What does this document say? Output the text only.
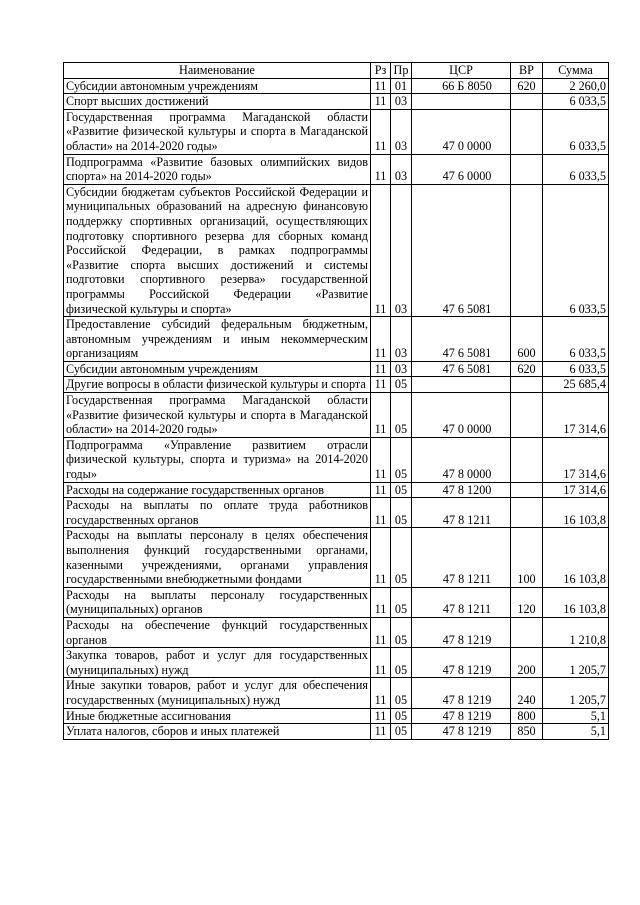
Наименование	Рз	Пр	ЦСР	ВР	Сумма
Субсидии автономным учреждениям	11	01	66 Б 8050	620	2 260,0
Спорт высших достижений	11	03			6 033,5
Государственная программа Магаданской области «Развитие физической культуры и спорта в Магаданской области» на 2014-2020 годы»	11	03	47 0 0000		6 033,5
Подпрограмма «Развитие базовых олимпийских видов спорта» на 2014-2020 годы»	11	03	47 6 0000		6 033,5
Субсидии бюджетам субъектов Российской Федерации и муниципальных образований на адресную финансовую поддержку спортивных организаций, осуществляющих подготовку спортивного резерва для сборных команд Российской Федерации, в рамках подпрограммы «Развитие спорта высших достижений и системы подготовки спортивного резерва» государственной программы Российской Федерации «Развитие физической культуры и спорта»	11	03	47 6 5081		6 033,5
Предоставление субсидий федеральным бюджетным, автономным учреждениям и иным некоммерческим организациям	11	03	47 6 5081	600	6 033,5
Субсидии автономным учреждениям	11	03	47 6 5081	620	6 033,5
Другие вопросы в области физической культуры и спорта	11	05			25 685,4
Государственная программа Магаданской области «Развитие физической культуры и спорта в Магаданской области» на 2014-2020 годы»	11	05	47 0 0000		17 314,6
Подпрограмма «Управление развитием отрасли физической культуры, спорта и туризма» на 2014-2020 годы»	11	05	47 8 0000		17 314,6
Расходы на содержание государственных органов	11	05	47 8 1200		17 314,6
Расходы на выплаты по оплате труда работников государственных органов	11	05	47 8 1211		16 103,8
Расходы на выплаты персоналу в целях обеспечения выполнения функций государственными органами, казенными учреждениями, органами управления государственными внебюджетными фондами	11	05	47 8 1211	100	16 103,8
Расходы на выплаты персоналу государственных (муниципальных) органов	11	05	47 8 1211	120	16 103,8
Расходы на обеспечение функций государственных органов	11	05	47 8 1219		1 210,8
Закупка товаров, работ и услуг для государственных (муниципальных) нужд	11	05	47 8 1219	200	1 205,7
Иные закупки товаров, работ и услуг для обеспечения государственных (муниципальных) нужд	11	05	47 8 1219	240	1 205,7
Иные бюджетные ассигнования	11	05	47 8 1219	800	5,1
Уплата налогов, сборов и иных платежей	11	05	47 8 1219	850	5,1
